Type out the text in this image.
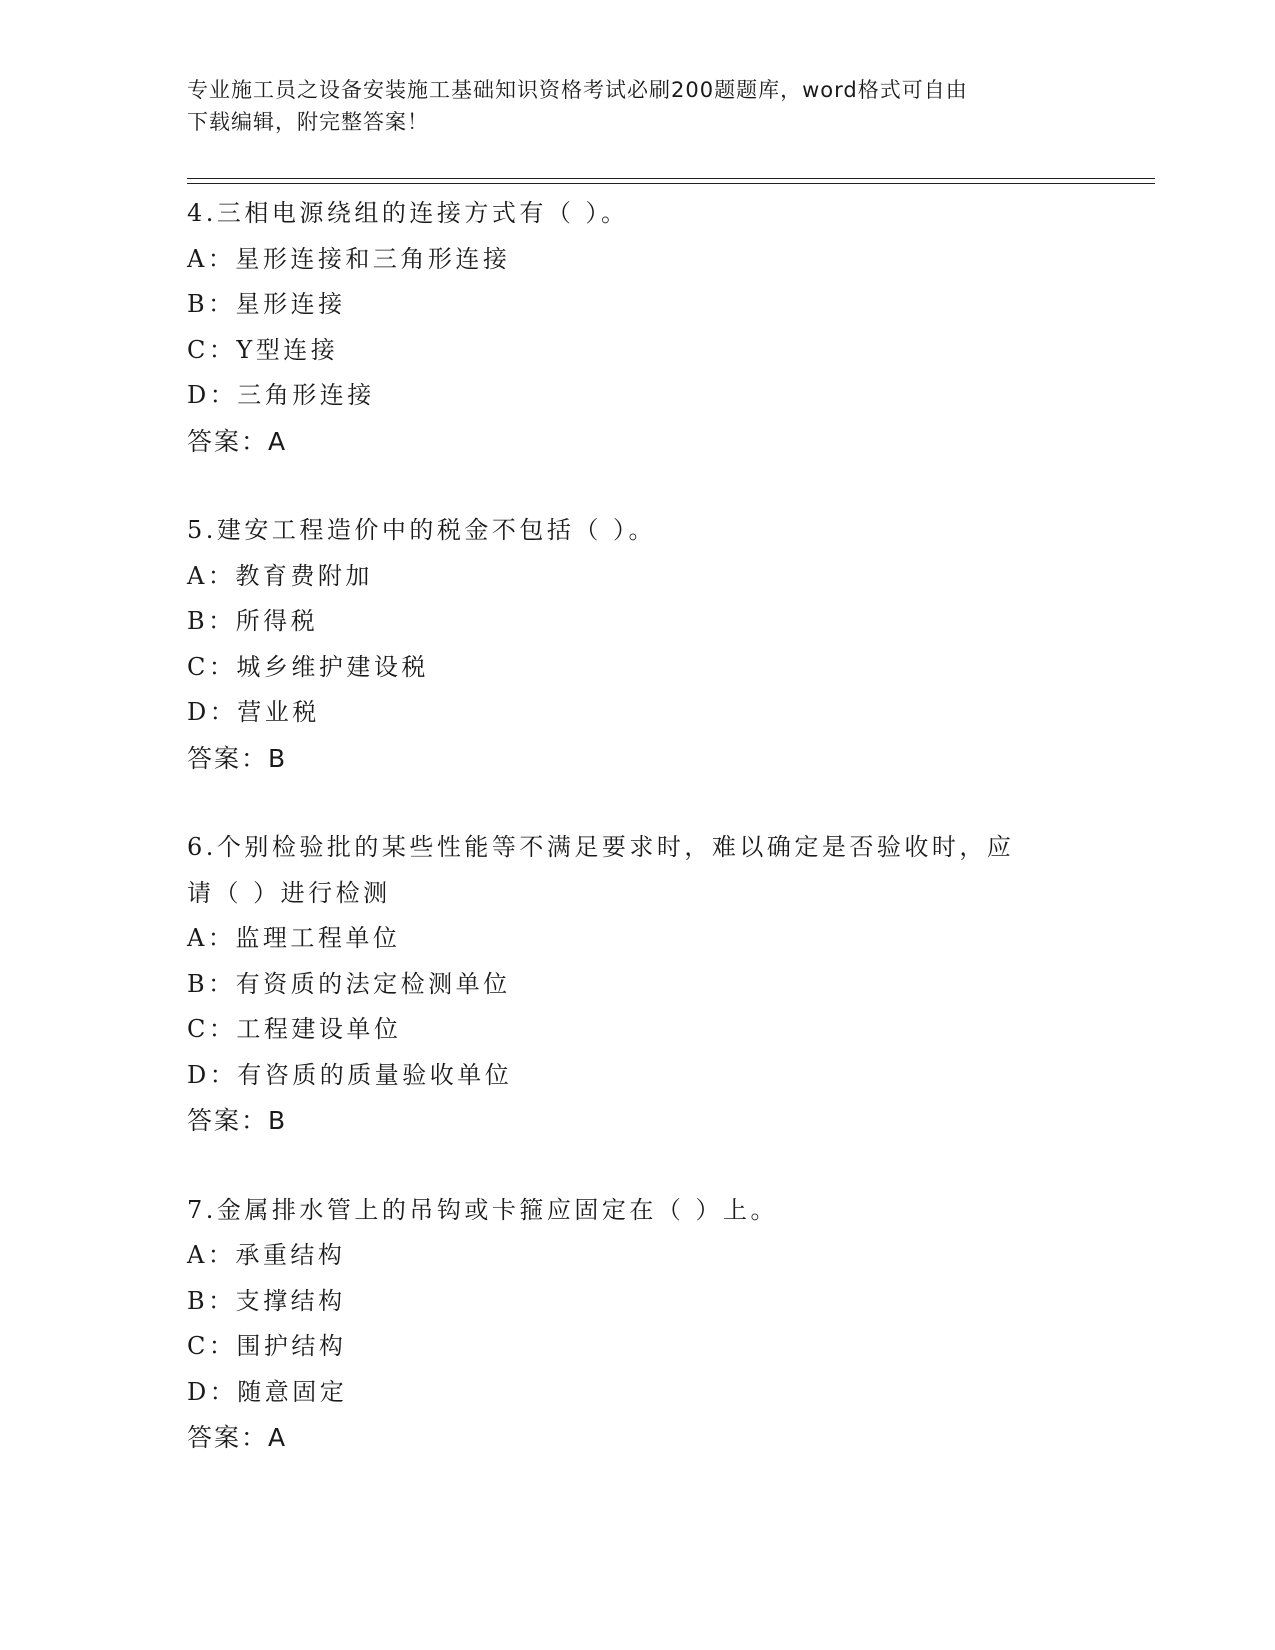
专业施工员之设备安装施工基础知识资格考试必刷200题题库，word格式可自由
下载编辑，附完整答案！
4.三相电源绕组的连接方式有（ ）。
A：星形连接和三角形连接
B：星形连接
C：Y型连接
D：三角形连接
答案：A
5.建安工程造价中的税金不包括（ ）。
A：教育费附加
B：所得税
C：城乡维护建设税
D：营业税
答案：B
6.个别检验批的某些性能等不满足要求时，难以确定是否验收时，应
请（ ）进行检测
A：监理工程单位
B：有资质的法定检测单位
C：工程建设单位
D：有咨质的质量验收单位
答案：B
7.金属排水管上的吊钩或卡箍应固定在（ ）上。
A：承重结构
B：支撑结构
C：围护结构
D：随意固定
答案：A
